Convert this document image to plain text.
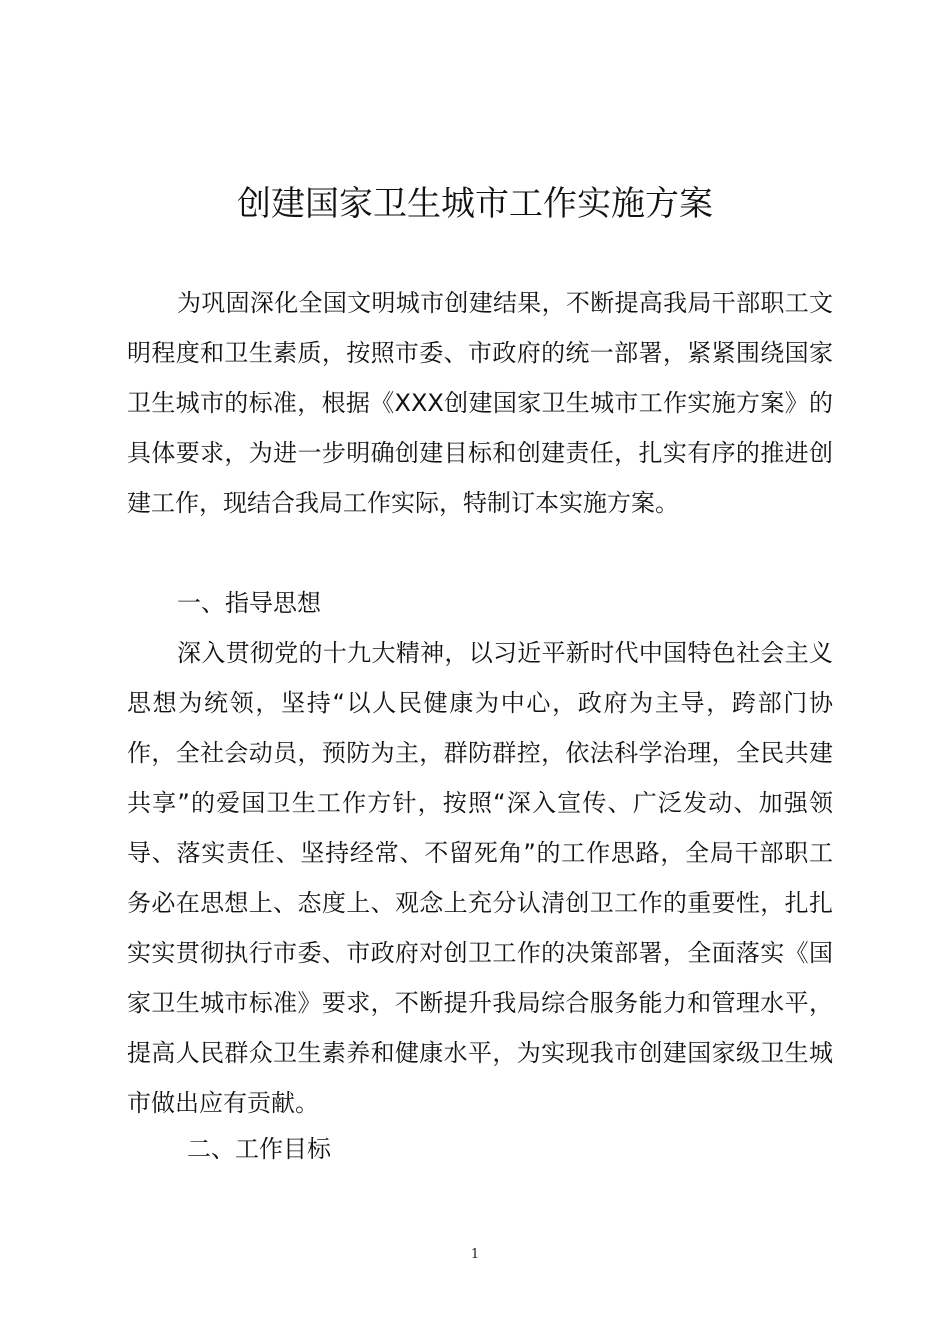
创建国家卫生城市工作实施方案

为巩固深化全国文明城市创建结果，不断提高我局干部职工文明程度和卫生素质，按照市委、市政府的统一部署，紧紧围绕国家卫生城市的标准，根据《XXX创建国家卫生城市工作实施方案》的具体要求，为进一步明确创建目标和创建责任，扎实有序的推进创建工作，现结合我局工作实际，特制订本实施方案。

一、指导思想

深入贯彻党的十九大精神，以习近平新时代中国特色社会主义思想为统领，坚持“以人民健康为中心，政府为主导，跨部门协作，全社会动员，预防为主，群防群控，依法科学治理，全民共建共享”的爱国卫生工作方针，按照“深入宣传、广泛发动、加强领导、落实责任、坚持经常、不留死角”的工作思路，全局干部职工务必在思想上、态度上、观念上充分认清创卫工作的重要性，扎扎实实贯彻执行市委、市政府对创卫工作的决策部署，全面落实《国家卫生城市标准》要求，不断提升我局综合服务能力和管理水平，提高人民群众卫生素养和健康水平，为实现我市创建国家级卫生城市做出应有贡献。

二、工作目标
1
